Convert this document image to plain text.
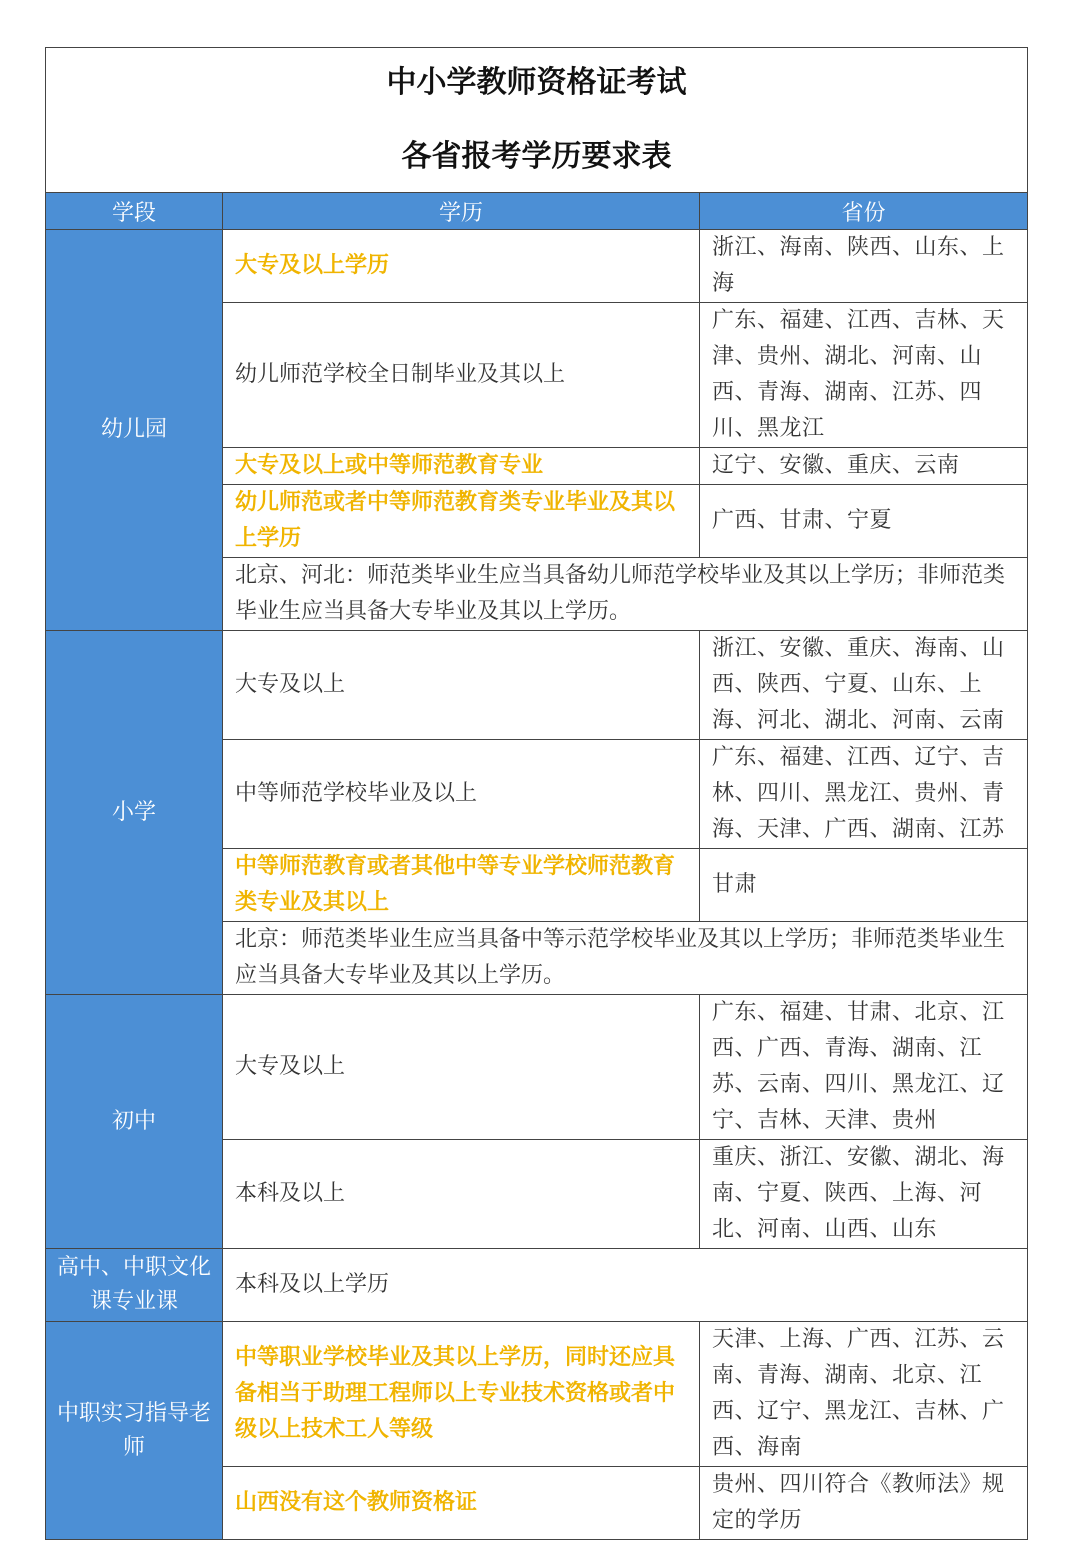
中小学教师资格证考试
各省报考学历要求表		

学段	学历	省份
幼儿园	大专及以上学历	浙江、海南、陕西、山东、上海
	幼儿师范学校全日制毕业及其以上	广东、福建、江西、吉林、天津、贵州、湖北、河南、山西、青海、湖南、江苏、四川、黑龙江
	大专及以上或中等师范教育专业	辽宁、安徽、重庆、云南
	幼儿师范或者中等师范教育类专业毕业及其以上学历	广西、甘肃、宁夏
	北京、河北：师范类毕业生应当具备幼儿师范学校毕业及其以上学历；非师范类毕业生应当具备大专毕业及其以上学历。	
小学	大专及以上	浙江、安徽、重庆、海南、山西、陕西、宁夏、山东、上海、河北、湖北、河南、云南
	中等师范学校毕业及以上	广东、福建、江西、辽宁、吉林、四川、黑龙江、贵州、青海、天津、广西、湖南、江苏
	中等师范教育或者其他中等专业学校师范教育类专业及其以上	甘肃
	北京：师范类毕业生应当具备中等示范学校毕业及其以上学历；非师范类毕业生应当具备大专毕业及其以上学历。	
初中	大专及以上	广东、福建、甘肃、北京、江西、广西、青海、湖南、江苏、云南、四川、黑龙江、辽宁、吉林、天津、贵州
	本科及以上	重庆、浙江、安徽、湖北、海南、宁夏、陕西、上海、河北、河南、山西、山东
高中、中职文化课专业课	本科及以上学历	
中职实习指导老师	中等职业学校毕业及其以上学历，同时还应具备相当于助理工程师以上专业技术资格或者中级以上技术工人等级	天津、上海、广西、江苏、云南、青海、湖南、北京、江西、辽宁、黑龙江、吉林、广西、海南
	山西没有这个教师资格证	贵州、四川符合《教师法》规定的学历
